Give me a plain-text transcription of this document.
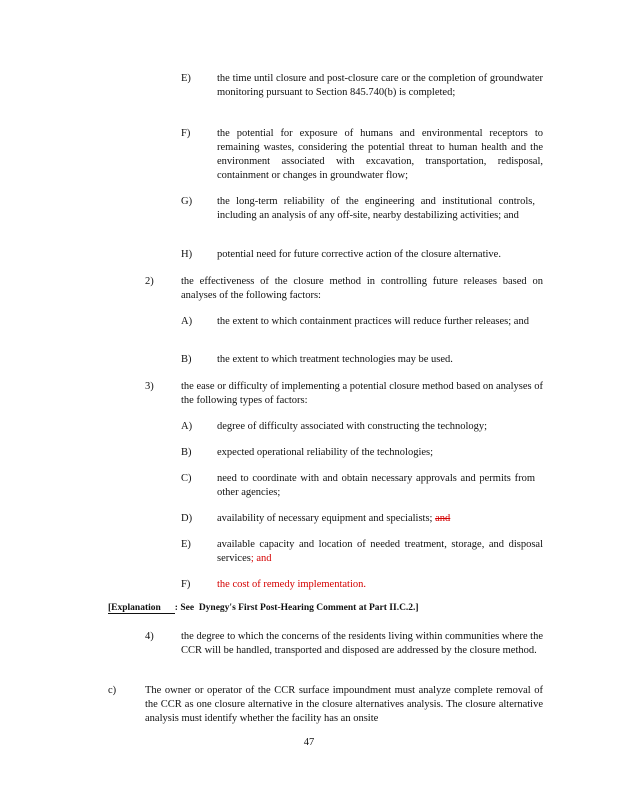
E) the time until closure and post-closure care or the completion of groundwater monitoring pursuant to Section 845.740(b) is completed;
F)	the potential for exposure of humans and environmental receptors to remaining wastes, considering the potential threat to human health and the environment associated with excavation, transportation, redisposal, containment or changes in groundwater flow;
G) the long-term reliability of the engineering and institutional controls, including an analysis of any off-site, nearby destabilizing activities; and
H) potential need for future corrective action of the closure alternative.
2)	the effectiveness of the closure method in controlling future releases based on analyses of the following factors:
A) the extent to which containment practices will reduce further releases; and
B) the extent to which treatment technologies may be used.
3)	the ease or difficulty of implementing a potential closure method based on analyses of the following types of factors:
A) degree of difficulty associated with constructing the technology;
B) expected operational reliability of the technologies;
C) need to coordinate with and obtain necessary approvals and permits from other agencies;
D) availability of necessary equipment and specialists; and
E) available capacity and location of needed treatment, storage, and disposal services; and
F)	the cost of remedy implementation.
[Explanation : See Dynegy's First Post-Hearing Comment at Part II.C.2.]
4)	the degree to which the concerns of the residents living within communities where the CCR will be handled, transported and disposed are addressed by the closure method.
c)	The owner or operator of the CCR surface impoundment must analyze complete removal of the CCR as one closure alternative in the closure alternatives analysis. The closure alternative analysis must identify whether the facility has an onsite
47
